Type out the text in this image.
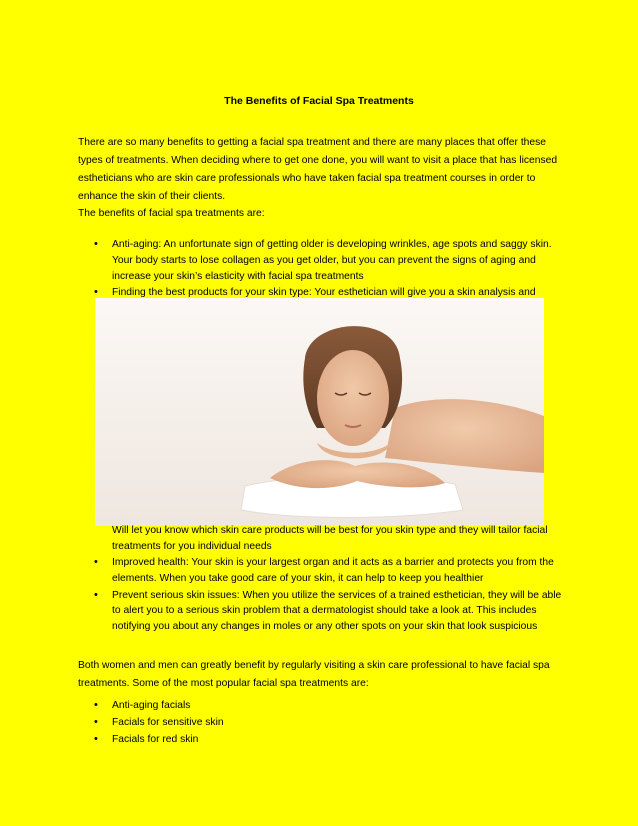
The Benefits of Facial Spa Treatments
There are so many benefits to getting a facial spa treatment and there are many places that offer these types of treatments. When deciding where to get one done, you will want to visit a place that has licensed estheticians who are skin care professionals who have taken facial spa treatment courses in order to enhance the skin of their clients.
The benefits of facial spa treatments are:
• Anti-aging: An unfortunate sign of getting older is developing wrinkles, age spots and saggy skin. Your body starts to lose collagen as you get older, but you can prevent the signs of aging and increase your skin’s elasticity with facial spa treatments
• Finding the best products for your skin type: Your esthetician will give you a skin analysis and
Will let you know which skin care products will be best for you skin type and they will tailor facial treatments for you individual needs
• Improved health: Your skin is your largest organ and it acts as a barrier and protects you from the elements. When you take good care of your skin, it can help to keep you healthier
• Prevent serious skin issues: When you utilize the services of a trained esthetician, they will be able to alert you to a serious skin problem that a dermatologist should take a look at. This includes notifying you about any changes in moles or any other spots on your skin that look suspicious
Both women and men can greatly benefit by regularly visiting a skin care professional to have facial spa treatments. Some of the most popular facial spa treatments are:
• Anti-aging facials
• Facials for sensitive skin
• Facials for red skin
